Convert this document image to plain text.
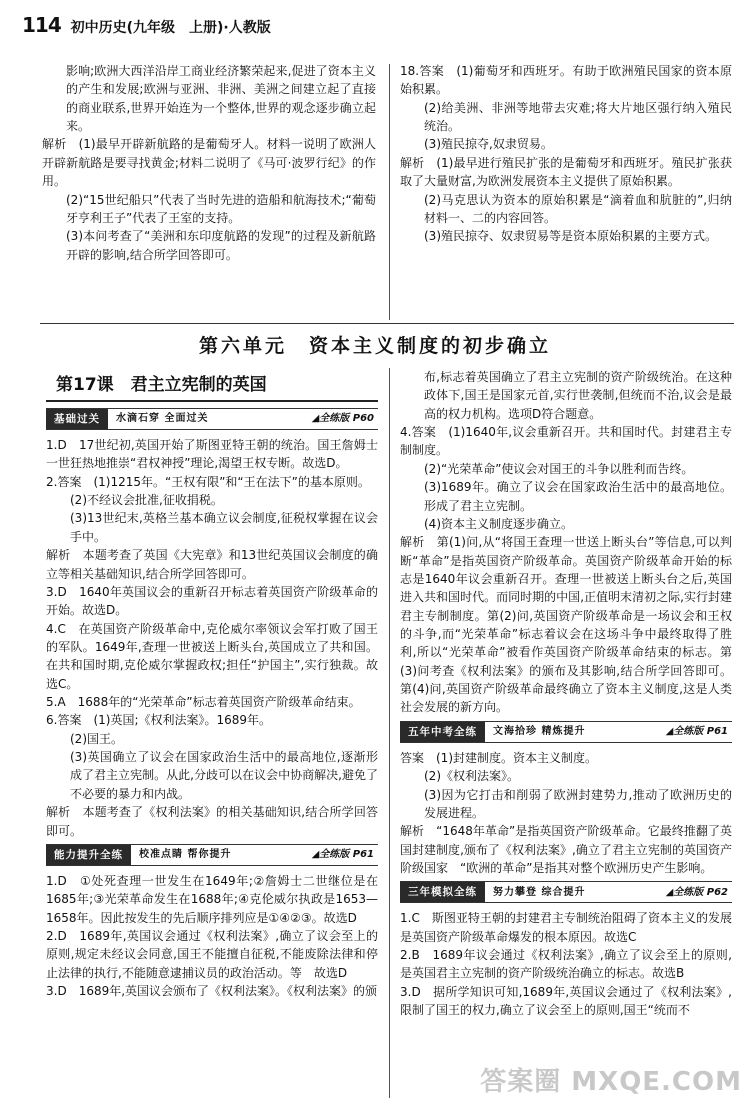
114 初中历史(九年级　上册)·人教版

影响;欧洲大西洋沿岸工商业经济繁荣起来,促进了资本主义的产生和发展;欧洲与亚洲、非洲、美洲之间建立起了直接的商业联系,世界开始连为一个整体,世界的观念逐步确立起来。

解析　(1)最早开辟新航路的是葡萄牙人。材料一说明了欧洲人开辟新航路是要寻找黄金;材料二说明了《马可·波罗行纪》的作用。

(2)“15世纪船只”代表了当时先进的造船和航海技术;“葡萄牙亨利王子”代表了王室的支持。

(3)本问考查了“美洲和东印度航路的发现”的过程及新航路开辟的影响,结合所学回答即可。

18.答案　(1)葡萄牙和西班牙。有助于欧洲殖民国家的资本原始积累。

(2)给美洲、非洲等地带去灾难;将大片地区强行纳入殖民统治。

(3)殖民掠夺,奴隶贸易。

解析　(1)最早进行殖民扩张的是葡萄牙和西班牙。殖民扩张获取了大量财富,为欧洲发展资本主义提供了原始积累。

(2)马克思认为资本的原始积累是“滴着血和肮脏的”,归纳材料一、二的内容回答。

(3)殖民掠夺、奴隶贸易等是资本原始积累的主要方式。

第六单元　资本主义制度的初步确立
第17课　君主立宪制的英国
基础过关	水滴石穿 全面过关	◢全练版 P60

1.D　17世纪初,英国开始了斯图亚特王朝的统治。国王詹姆士一世狂热地推崇“君权神授”理论,渴望王权专断。故选D。

2.答案　(1)1215年。“王权有限”和“王在法下”的基本原则。

(2)不经议会批准,征收捐税。

(3)13世纪末,英格兰基本确立议会制度,征税权掌握在议会手中。

解析　本题考查了英国《大宪章》和13世纪英国议会制度的确立等相关基础知识,结合所学回答即可。

3.D　1640年英国议会的重新召开标志着英国资产阶级革命的开始。故选D。

4.C　在英国资产阶级革命中,克伦威尔率领议会军打败了国王的军队。1649年,查理一世被送上断头台,英国成立了共和国。在共和国时期,克伦威尔掌握政权;担任“护国主”,实行独裁。故选C。

5.A　1688年的“光荣革命”标志着英国资产阶级革命结束。

6.答案　(1)英国;《权利法案》。1689年。

(2)国王。

(3)英国确立了议会在国家政治生活中的最高地位,逐渐形成了君主立宪制。从此,分歧可以在议会中协商解决,避免了不必要的暴力和内战。

解析　本题考查了《权利法案》的相关基础知识,结合所学回答即可。

能力提升全练	校准点睛 帮你提升	◢全练版 P61

1.D　①处死查理一世发生在1649年;②詹姆士二世继位是在1685年;③光荣革命发生在1688年;④克伦威尔执政是1653—1658年。因此按发生的先后顺序排列应是①④②③。故选D

2.D　1689年,英国议会通过《权利法案》,确立了议会至上的原则,规定未经议会同意,国王不能擅自征税,不能废除法律和停止法律的执行,不能随意逮捕议员的政治活动。等　故选D

3.D　1689年,英国议会颁布了《权利法案》。《权利法案》的颁

布,标志着英国确立了君主立宪制的资产阶级统治。在这种政体下,国王是国家元首,实行世袭制,但统而不治,议会是最高的权力机构。选项D符合题意。

4.答案　(1)1640年,议会重新召开。共和国时代。封建君主专制制度。

(2)“光荣革命”使议会对国王的斗争以胜利而告终。

(3)1689年。确立了议会在国家政治生活中的最高地位。形成了君主立宪制。

(4)资本主义制度逐步确立。

解析　第(1)问,从“将国王查理一世送上断头台”等信息,可以判断“革命”是指英国资产阶级革命。英国资产阶级革命开始的标志是1640年议会重新召开。查理一世被送上断头台之后,英国进入共和国时代。而同时期的中国,正值明末清初之际,实行封建君主专制制度。第(2)问,英国资产阶级革命是一场议会和王权的斗争,而“光荣革命”标志着议会在这场斗争中最终取得了胜利,所以“光荣革命”被看作英国资产阶级革命结束的标志。第(3)问考查《权利法案》的颁布及其影响,结合所学回答即可。第(4)问,英国资产阶级革命最终确立了资本主义制度,这是人类社会发展的新方向。

五年中考全练	文海拾珍 精炼提升	◢全练版 P61

答案　(1)封建制度。资本主义制度。

(2)《权利法案》。

(3)因为它打击和削弱了欧洲封建势力,推动了欧洲历史的发展进程。

解析　“1648年革命”是指英国资产阶级革命。它最终推翻了英国封建制度,颁布了《权利法案》,确立了君主立宪制的英国资产阶级国家　“欧洲的革命”是指其对整个欧洲历史产生影响。

三年模拟全练	努力攀登 综合提升	◢全练版 P62

1.C　斯图亚特王朝的封建君主专制统治阻碍了资本主义的发展是英国资产阶级革命爆发的根本原因。故选C

2.B　1689年议会通过《权利法案》,确立了议会至上的原则,是英国君主立宪制的资产阶级统治确立的标志。故选B

3.D　据所学知识可知,1689年,英国议会通过了《权利法案》,限制了国王的权力,确立了议会至上的原则,国王“统而不

答案圈 MXQE.COM
